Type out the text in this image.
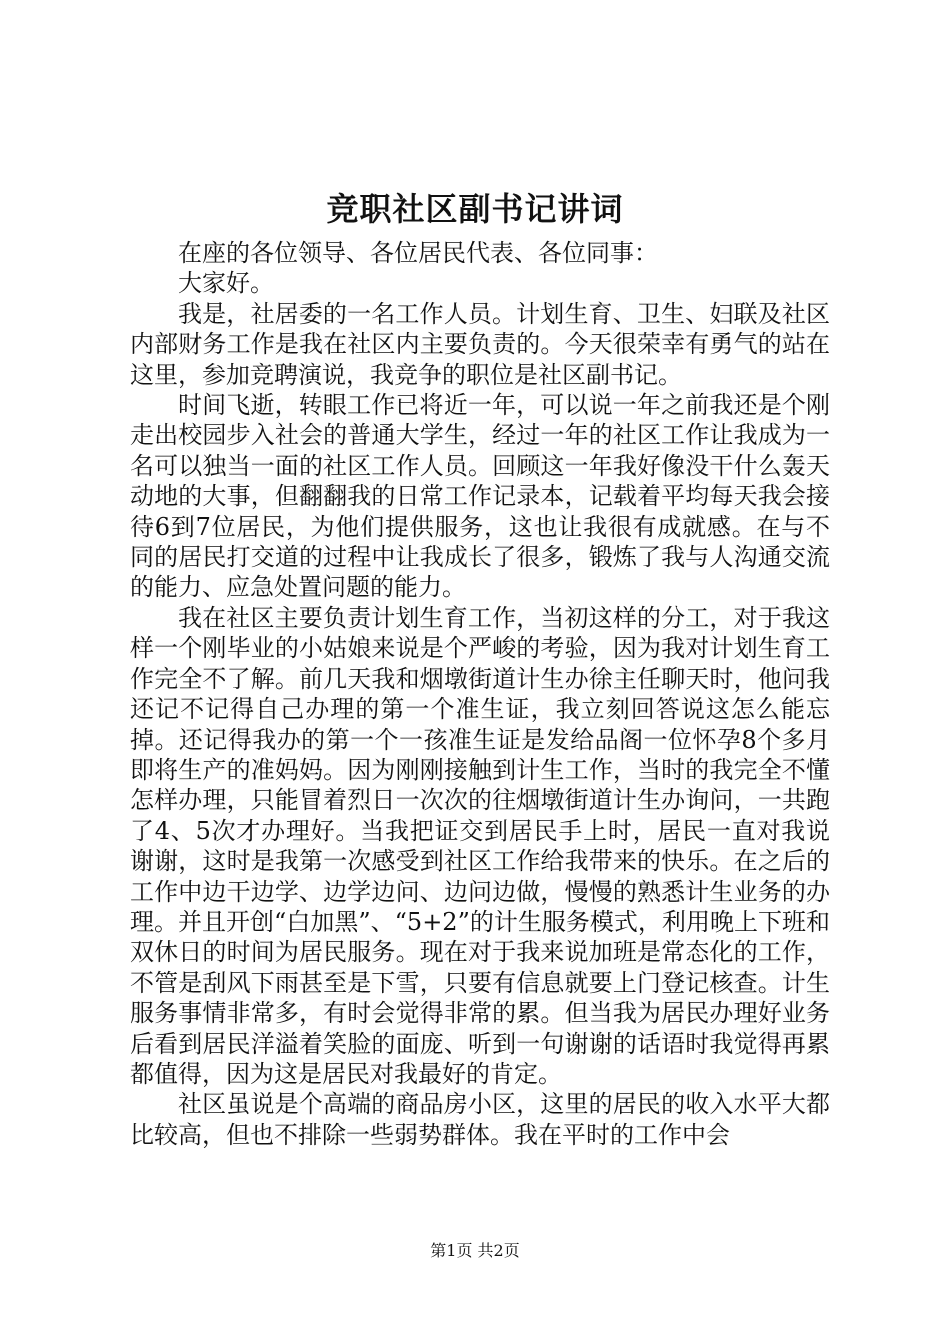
竞职社区副书记讲词

在座的各位领导、各位居民代表、各位同事：

大家好。

我是，社居委的一名工作人员。计划生育、卫生、妇联及社区内部财务工作是我在社区内主要负责的。今天很荣幸有勇气的站在这里，参加竞聘演说，我竞争的职位是社区副书记。

时间飞逝，转眼工作已将近一年，可以说一年之前我还是个刚走出校园步入社会的普通大学生，经过一年的社区工作让我成为一名可以独当一面的社区工作人员。回顾这一年我好像没干什么轰天动地的大事，但翻翻我的日常工作记录本，记载着平均每天我会接待6到7位居民，为他们提供服务，这也让我很有成就感。在与不同的居民打交道的过程中让我成长了很多，锻炼了我与人沟通交流的能力、应急处置问题的能力。

我在社区主要负责计划生育工作，当初这样的分工，对于我这样一个刚毕业的小姑娘来说是个严峻的考验，因为我对计划生育工作完全不了解。前几天我和烟墩街道计生办徐主任聊天时，他问我还记不记得自己办理的第一个准生证，我立刻回答说这怎么能忘掉。还记得我办的第一个一孩准生证是发给品阁一位怀孕8个多月即将生产的准妈妈。因为刚刚接触到计生工作，当时的我完全不懂怎样办理，只能冒着烈日一次次的往烟墩街道计生办询问，一共跑了4、5次才办理好。当我把证交到居民手上时，居民一直对我说谢谢，这时是我第一次感受到社区工作给我带来的快乐。在之后的工作中边干边学、边学边问、边问边做，慢慢的熟悉计生业务的办理。并且开创“白加黑”、“5+2”的计生服务模式，利用晚上下班和双休日的时间为居民服务。现在对于我来说加班是常态化的工作，不管是刮风下雨甚至是下雪，只要有信息就要上门登记核查。计生服务事情非常多，有时会觉得非常的累。但当我为居民办理好业务后看到居民洋溢着笑脸的面庞、听到一句谢谢的话语时我觉得再累都值得，因为这是居民对我最好的肯定。

社区虽说是个高端的商品房小区，这里的居民的收入水平大都比较高，但也不排除一些弱势群体。我在平时的工作中会

第1页 共2页
